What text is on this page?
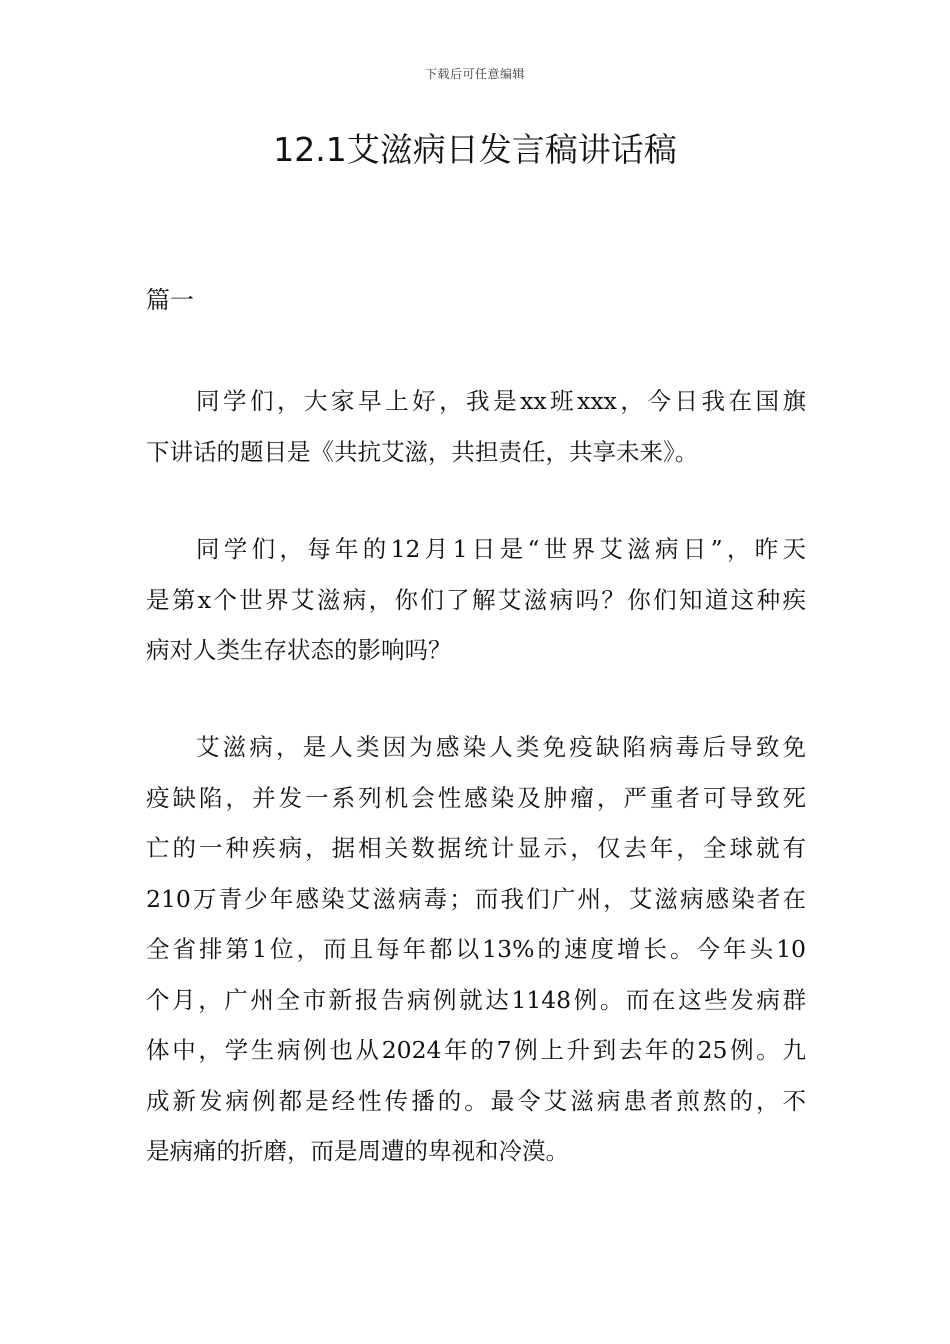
下载后可任意编辑
12.1艾滋病日发言稿讲话稿

篇一

同学们，大家早上好，我是xx班xxx，今日我在国旗
下讲话的题目是《共抗艾滋，共担责任，共享未来》。

同学们，每年的12月1日是“世界艾滋病日”，昨天
是第x个世界艾滋病，你们了解艾滋病吗？你们知道这种疾
病对人类生存状态的影响吗？

艾滋病，是人类因为感染人类免疫缺陷病毒后导致免
疫缺陷，并发一系列机会性感染及肿瘤，严重者可导致死
亡的一种疾病，据相关数据统计显示，仅去年，全球就有
210万青少年感染艾滋病毒；而我们广州，艾滋病感染者在
全省排第1位，而且每年都以13%的速度增长。今年头10
个月，广州全市新报告病例就达1148例。而在这些发病群
体中，学生病例也从2024年的7例上升到去年的25例。九
成新发病例都是经性传播的。最令艾滋病患者煎熬的，不
是病痛的折磨，而是周遭的卑视和冷漠。
